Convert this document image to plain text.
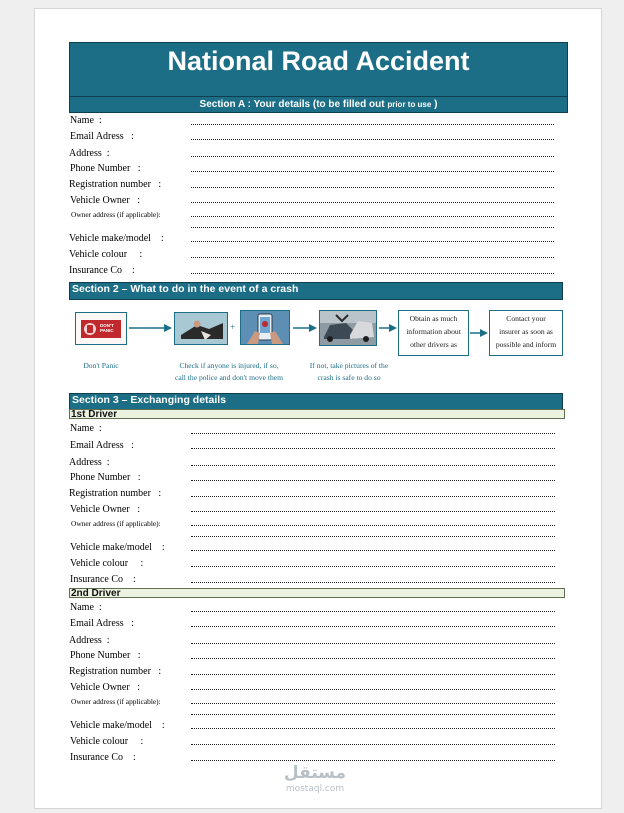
National Road Accident
Section A : Your details (to be filled out prior to use )
Name  :
Email Adress   :
Address  :
Phone Number   :
Registration number   :
Vehicle Owner   :
Owner address (if applicable):
Vehicle make/model    :
Vehicle colour     :
Insurance Co    :
Section 2 – What to do in the event of a crash
DON'T PANIC	+
Obtain as much
information about
other drivers as
Contact your
insurer as soon as
possible and inform
Don't Panic	Check if anyone is injured, if so,
call the police and don't move them
If not, take pictures of the
crash is safe to do so
Section 3 – Exchanging details
1st Driver
Name  :
Email Adress   :
Address  :
Phone Number   :
Registration number   :
Vehicle Owner   :
Owner address (if applicable):
Vehicle make/model    :
Vehicle colour     :
Insurance Co    :
2nd Driver
Name  :
Email Adress   :
Address  :
Phone Number   :
Registration number   :
Vehicle Owner   :
Owner address (if applicable):
Vehicle make/model    :
Vehicle colour     :
Insurance Co    :
مستقل
mostaql.com
